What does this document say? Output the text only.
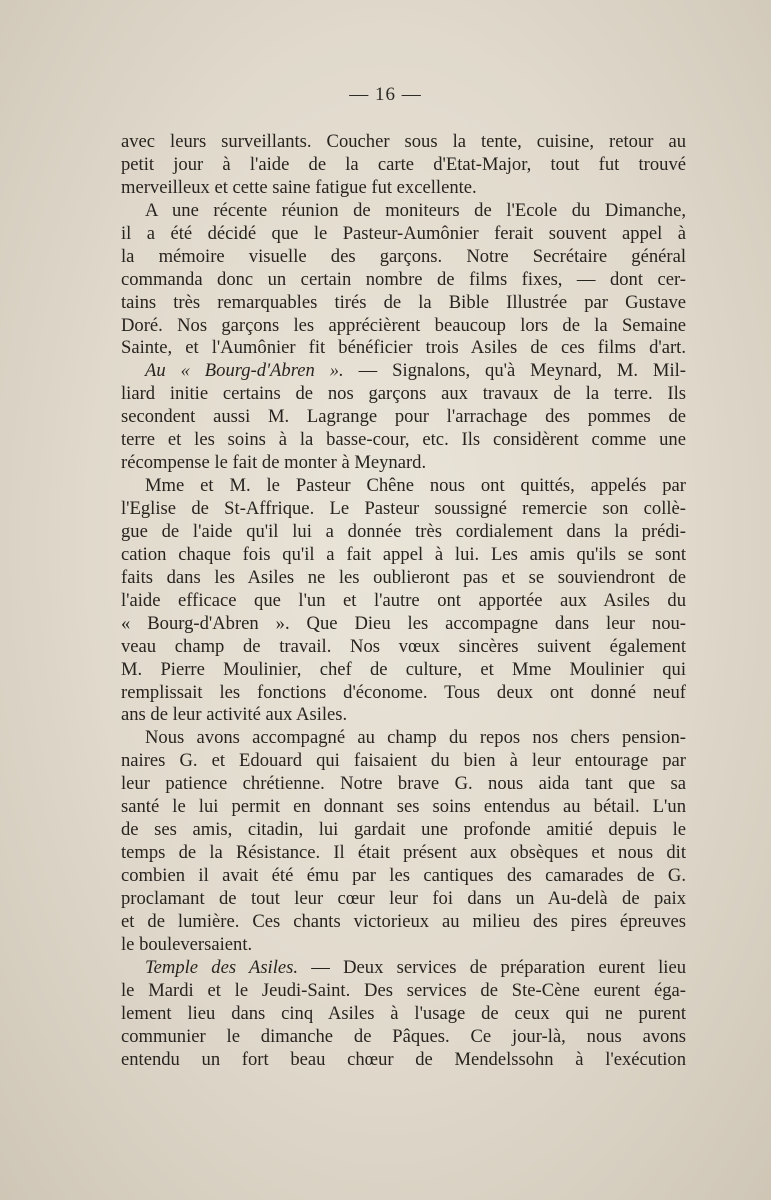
— 16 —
avec leurs surveillants. Coucher sous la tente, cuisine, retour au
petit jour à l'aide de la carte d'Etat-Major, tout fut trouvé
merveilleux et cette saine fatigue fut excellente.
A une récente réunion de moniteurs de l'Ecole du Dimanche,
il a été décidé que le Pasteur-Aumônier ferait souvent appel à
la mémoire visuelle des garçons. Notre Secrétaire général
commanda donc un certain nombre de films fixes, — dont cer-
tains très remarquables tirés de la Bible Illustrée par Gustave
Doré. Nos garçons les apprécièrent beaucoup lors de la Semaine
Sainte, et l'Aumônier fit bénéficier trois Asiles de ces films d'art.
Au « Bourg-d'Abren ». — Signalons, qu'à Meynard, M. Mil-
liard initie certains de nos garçons aux travaux de la terre. Ils
secondent aussi M. Lagrange pour l'arrachage des pommes de
terre et les soins à la basse-cour, etc. Ils considèrent comme une
récompense le fait de monter à Meynard.
Mme et M. le Pasteur Chêne nous ont quittés, appelés par
l'Eglise de St-Affrique. Le Pasteur soussigné remercie son collè-
gue de l'aide qu'il lui a donnée très cordialement dans la prédi-
cation chaque fois qu'il a fait appel à lui. Les amis qu'ils se sont
faits dans les Asiles ne les oublieront pas et se souviendront de
l'aide efficace que l'un et l'autre ont apportée aux Asiles du
« Bourg-d'Abren ». Que Dieu les accompagne dans leur nou-
veau champ de travail. Nos vœux sincères suivent également
M. Pierre Moulinier, chef de culture, et Mme Moulinier qui
remplissait les fonctions d'économe. Tous deux ont donné neuf
ans de leur activité aux Asiles.
Nous avons accompagné au champ du repos nos chers pension-
naires G. et Edouard qui faisaient du bien à leur entourage par
leur patience chrétienne. Notre brave G. nous aida tant que sa
santé le lui permit en donnant ses soins entendus au bétail. L'un
de ses amis, citadin, lui gardait une profonde amitié depuis le
temps de la Résistance. Il était présent aux obsèques et nous dit
combien il avait été ému par les cantiques des camarades de G.
proclamant de tout leur cœur leur foi dans un Au-delà de paix
et de lumière. Ces chants victorieux au milieu des pires épreuves
le bouleversaient.
Temple des Asiles. — Deux services de préparation eurent lieu
le Mardi et le Jeudi-Saint. Des services de Ste-Cène eurent éga-
lement lieu dans cinq Asiles à l'usage de ceux qui ne purent
communier le dimanche de Pâques. Ce jour-là, nous avons
entendu un fort beau chœur de Mendelssohn à l'exécution
